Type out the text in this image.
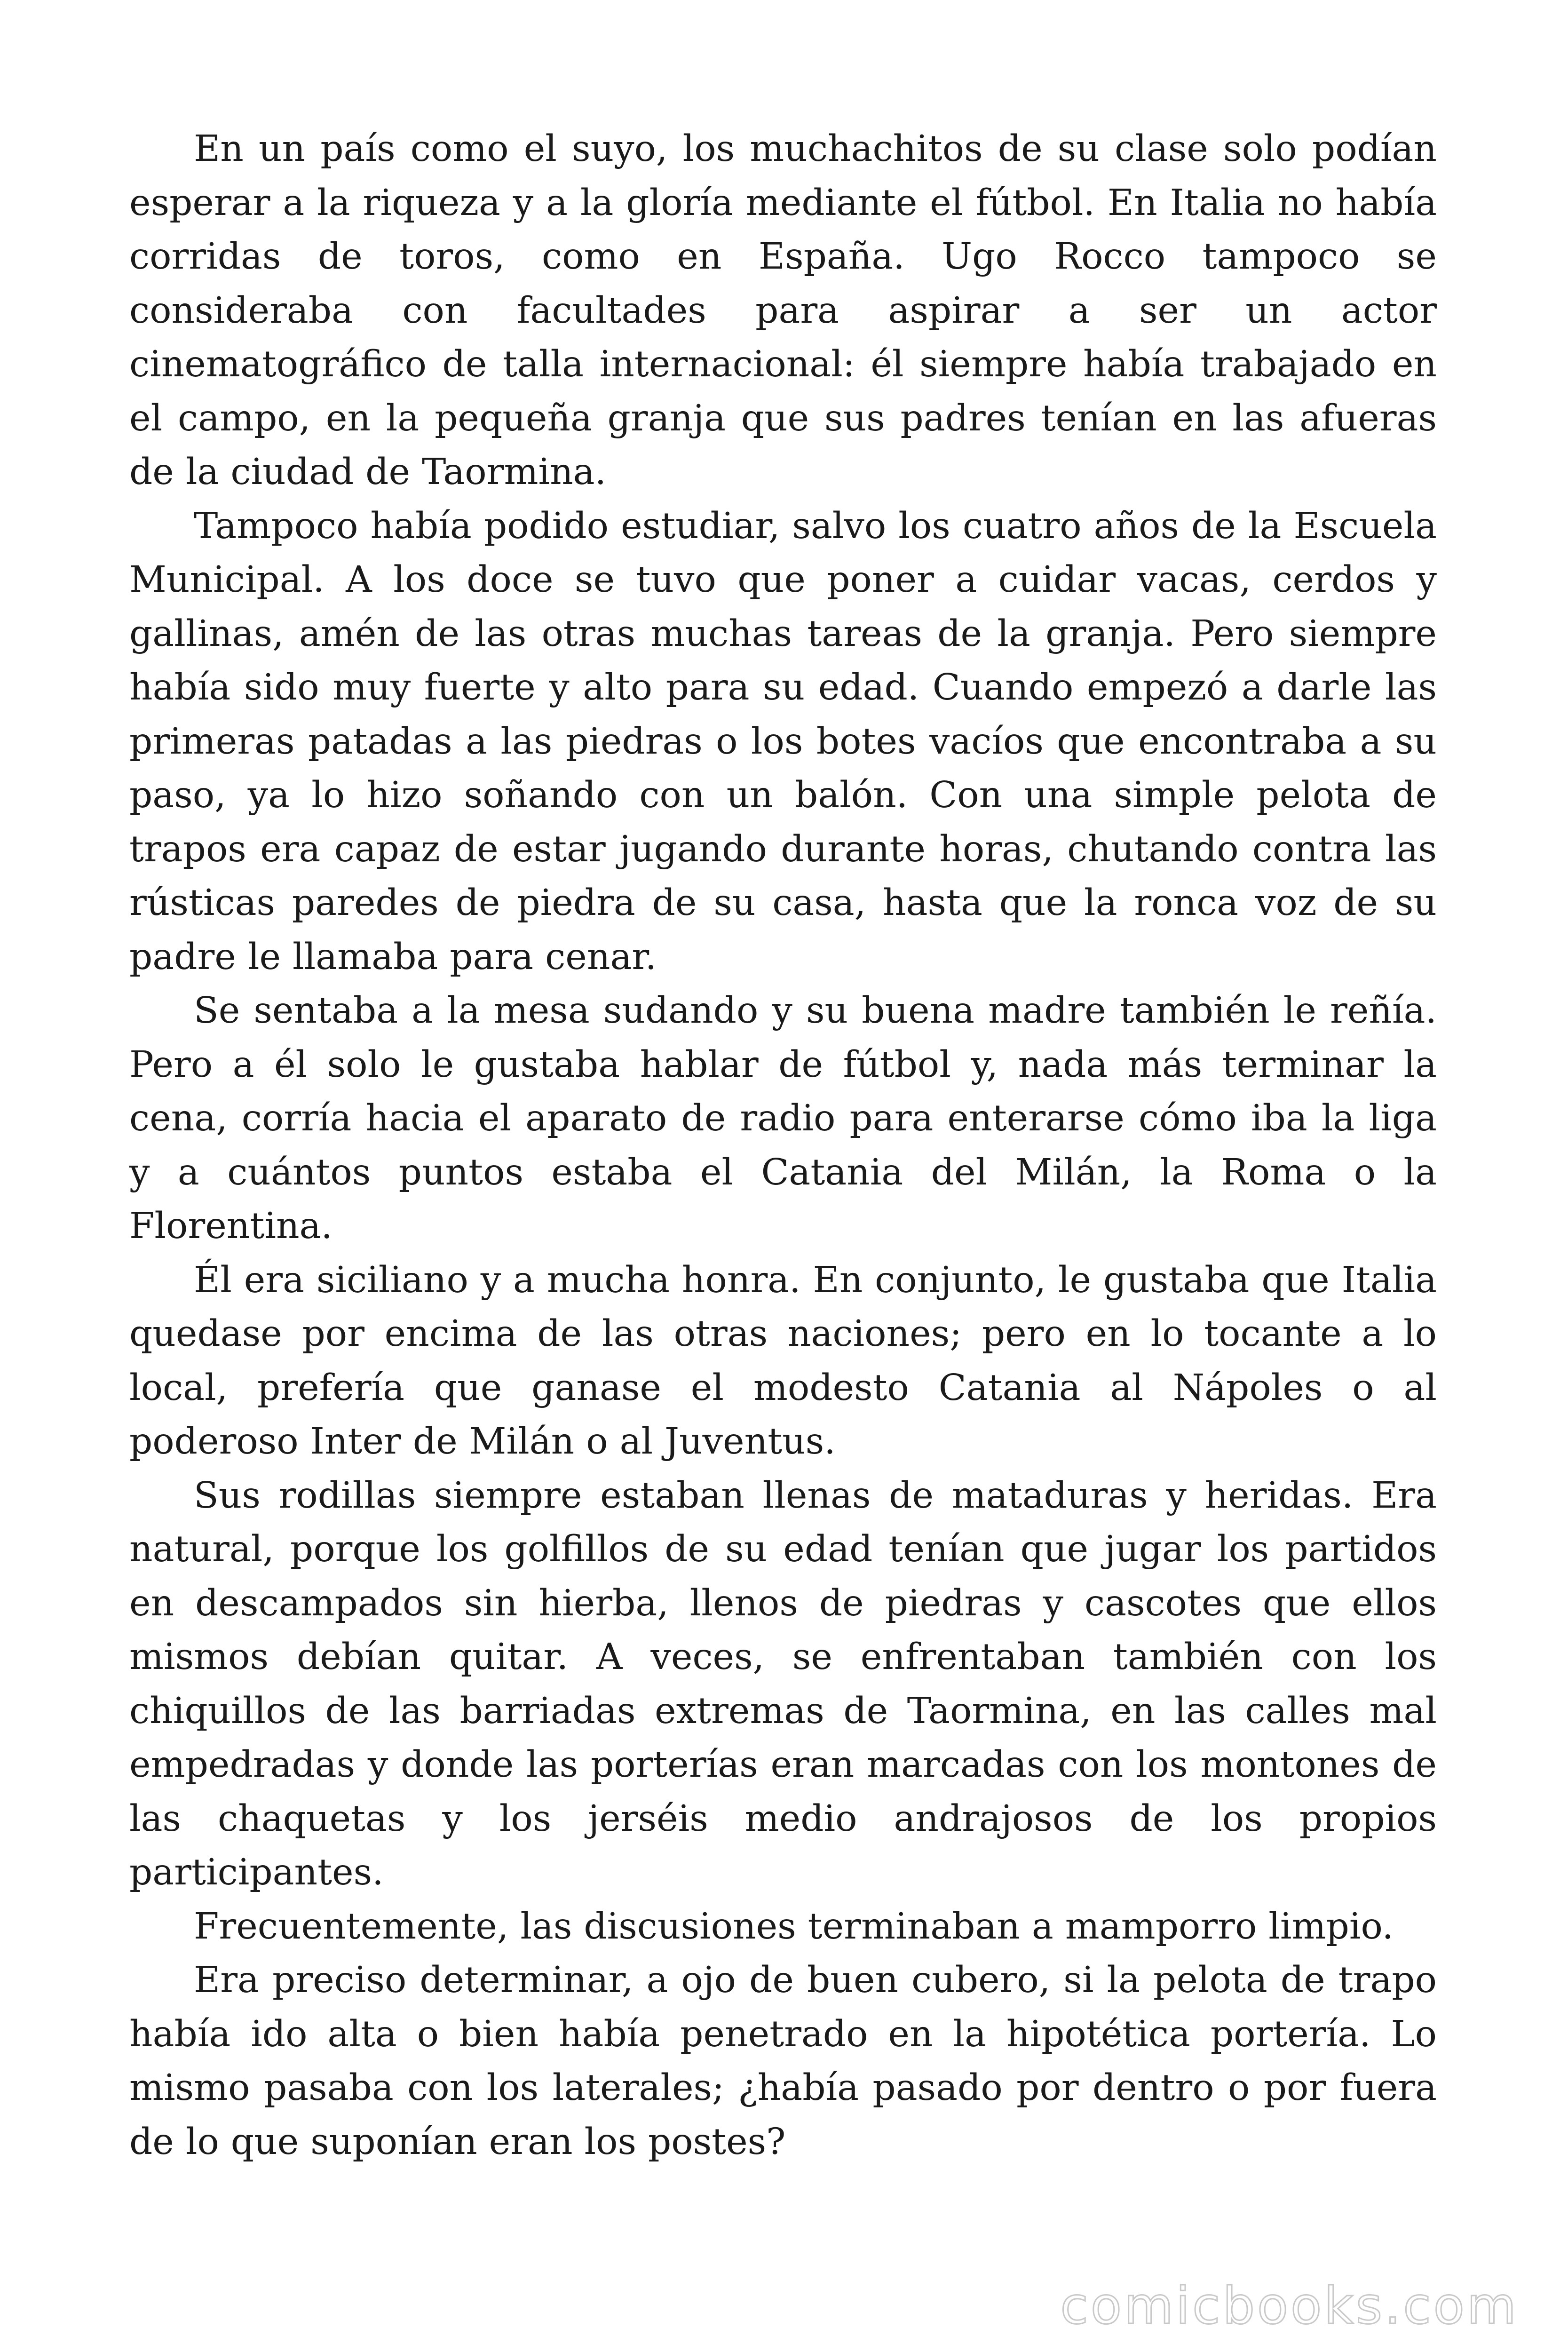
En un país como el suyo, los muchachitos de su clase solo podían esperar a la riqueza y a la gloría mediante el fútbol. En Italia no había corridas de toros, como en España. Ugo Rocco tampoco se consideraba con facultades para aspirar a ser un actor cinematográfico de talla internacional: él siempre había trabajado en el campo, en la pequeña granja que sus padres tenían en las afueras de la ciudad de Taormina.

Tampoco había podido estudiar, salvo los cuatro años de la Escuela Municipal. A los doce se tuvo que poner a cuidar vacas, cerdos y gallinas, amén de las otras muchas tareas de la granja. Pero siempre había sido muy fuerte y alto para su edad. Cuando empezó a darle las primeras patadas a las piedras o los botes vacíos que encontraba a su paso, ya lo hizo soñando con un balón. Con una simple pelota de trapos era capaz de estar jugando durante horas, chutando contra las rústicas paredes de piedra de su casa, hasta que la ronca voz de su padre le llamaba para cenar.

Se sentaba a la mesa sudando y su buena madre también le reñía. Pero a él solo le gustaba hablar de fútbol y, nada más terminar la cena, corría hacia el aparato de radio para enterarse cómo iba la liga y a cuántos puntos estaba el Catania del Milán, la Roma o la Florentina.

Él era siciliano y a mucha honra. En conjunto, le gustaba que Italia quedase por encima de las otras naciones; pero en lo tocante a lo local, prefería que ganase el modesto Catania al Nápoles o al poderoso Inter de Milán o al Juventus.

Sus rodillas siempre estaban llenas de mataduras y heridas. Era natural, porque los golfillos de su edad tenían que jugar los partidos en descampados sin hierba, llenos de piedras y cascotes que ellos mismos debían quitar. A veces, se enfrentaban también con los chiquillos de las barriadas extremas de Taormina, en las calles mal empedradas y donde las porterías eran marcadas con los montones de las chaquetas y los jerséis medio andrajosos de los propios participantes.

Frecuentemente, las discusiones terminaban a mamporro limpio.

Era preciso determinar, a ojo de buen cubero, si la pelota de trapo había ido alta o bien había penetrado en la hipotética portería. Lo mismo pasaba con los laterales; ¿había pasado por dentro o por fuera de lo que suponían eran los postes?

comicbooks.com
